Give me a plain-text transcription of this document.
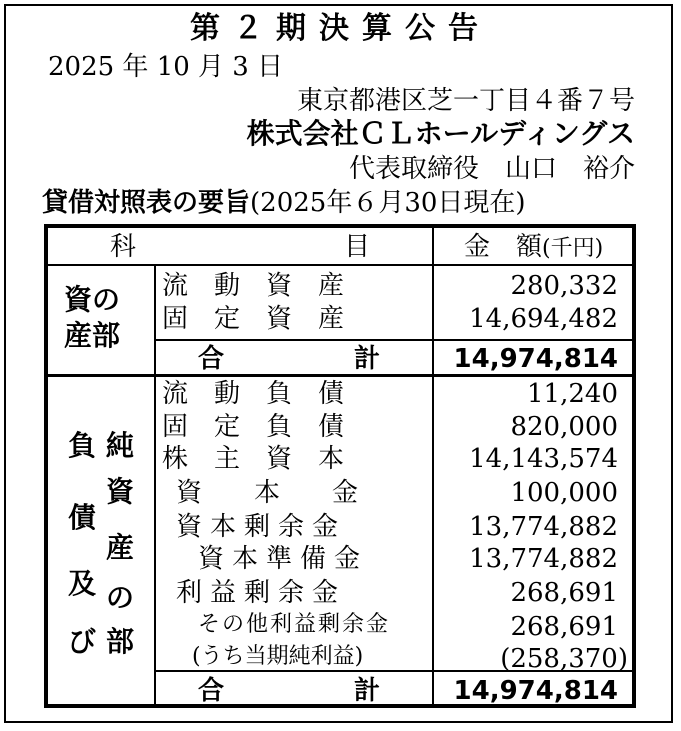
第２期決算公告
2025 年 10 月 3 日
東京都港区芝一丁目４番７号
株式会社ＣＬホールディングス
代表取締役　山口　裕介
貸借対照表の要旨(2025年６月30日現在)
科　　　　　　　　目	金　額(千円)
資の
産部
流　動　資　産	280,332
固　定　資　産	14,694,482
合　　　　　計	14,974,814
負
債
及
び
純
資
産
の
部
流　動　負　債	11,240
固　定　負　債	820,000
株　主　資　本	14,143,574
資　　本　　金	100,000
資本剰余金	13,774,882
資本準備金	13,774,882
利益剰余金	268,691
その他利益剰余金	268,691
(うち当期純利益)	(258,370)
合　　　　　計	14,974,814
